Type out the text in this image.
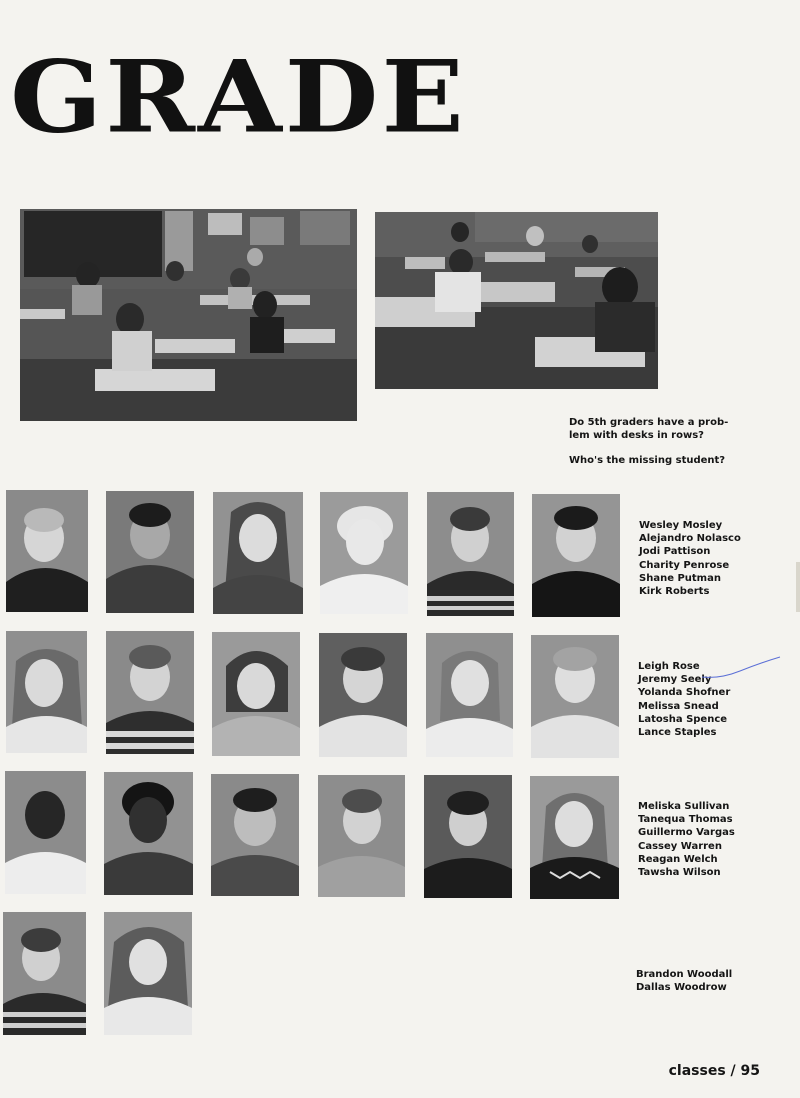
GRADE

Do 5th graders have a prob-

lem with desks in rows?

Who's the missing student?

Wesley Mosley
Alejandro Nolasco
Jodi Pattison
Charity Penrose
Shane Putman
Kirk Roberts
Leigh Rose
Jeremy Seely
Yolanda Shofner
Melissa Snead
Latosha Spence
Lance Staples
Meliska Sullivan
Tanequa Thomas
Guillermo Vargas
Cassey Warren
Reagan Welch
Tawsha Wilson
Brandon Woodall
Dallas Woodrow
classes / 95
